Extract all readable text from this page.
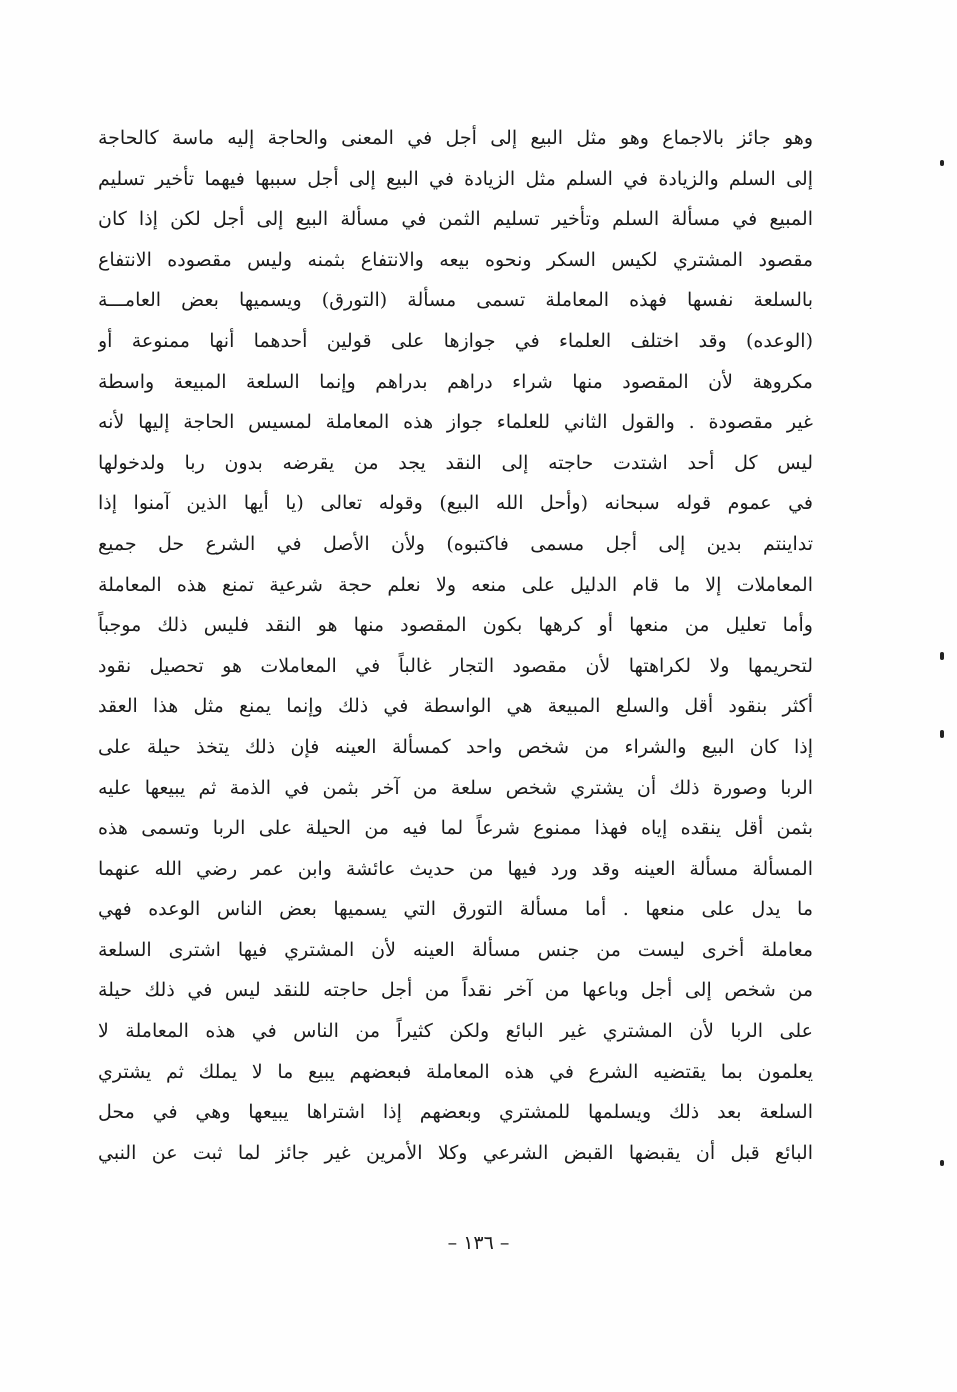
وهو جائز بالاجماع وهو مثل البيع إلى أجل في المعنى والحاجة إليه ماسة كالحاجة
إلى السلم والزيادة في السلم مثل الزيادة في البيع إلى أجل سببها فيهما تأخير تسليم
المبيع في مسألة السلم وتأخير تسليم الثمن في مسألة البيع إلى أجل لكن إذا كان
مقصود المشتري لكيس السكر ونحوه بيعه والانتفاع بثمنه وليس مقصوده الانتفاع
بالسلعة نفسها فهذه المعاملة تسمى مسألة (التورق) ويسميها بعض العامـــة
(الوعده) وقد اختلف العلماء في جوازها على قولين أحدهما أنها ممنوعة أو
مكروهة لأن المقصود منها شراء دراهم بدراهم وإنما السلعة المبيعة واسطة
غير مقصودة . والقول الثاني للعلماء جواز هذه المعاملة لمسيس الحاجة إليها لأنه
ليس كل أحد اشتدت حاجته إلى النقد يجد من يقرضه بدون ربا ولدخولها
في عموم قوله سبحانه (وأحل الله البيع) وقوله تعالى (يا أيها الذين آمنوا إذا
تداينتم بدين إلى أجل مسمى فاكتبوه) ولأن الأصل في الشرع حل جميع
المعاملات إلا ما قام الدليل على منعه ولا نعلم حجة شرعية تمنع هذه المعاملة
وأما تعليل من منعها أو كرهها بكون المقصود منها هو النقد فليس ذلك موجباً
لتحريمها ولا لكراهتها لأن مقصود التجار غالباً في المعاملات هو تحصيل نقود
أكثر بنقود أقل والسلع المبيعة هي الواسطة في ذلك وإنما يمنع مثل هذا العقد
إذا كان البيع والشراء من شخص واحد كمسألة العينه فإن ذلك يتخذ حيلة على
الربا وصورة ذلك أن يشتري شخص سلعة من آخر بثمن في الذمة ثم يبيعها عليه
بثمن أقل ينقده إياه فهذا ممنوع شرعاً لما فيه من الحيلة على الربا وتسمى هذه
المسألة مسألة العينه وقد ورد فيها من حديث عائشة وابن عمر رضي الله عنهما
ما يدل على منعها . أما مسألة التورق التي يسميها بعض الناس الوعده فهي
معاملة أخرى ليست من جنس مسألة العينه لأن المشتري فيها اشترى السلعة
من شخص إلى أجل وباعها من آخر نقداً من أجل حاجته للنقد ليس في ذلك حيلة
على الربا لأن المشتري غير البائع ولكن كثيراً من الناس في هذه المعاملة لا
يعلمون بما يقتضيه الشرع في هذه المعاملة فبعضهم يبيع ما لا يملك ثم يشتري
السلعة بعد ذلك ويسلمها للمشتري وبعضهم إذا اشتراها يبيعها وهي في محل
البائع قبل أن يقبضها القبض الشرعي وكلا الأمرين غير جائز لما ثبت عن النبي
– ١٣٦ –
